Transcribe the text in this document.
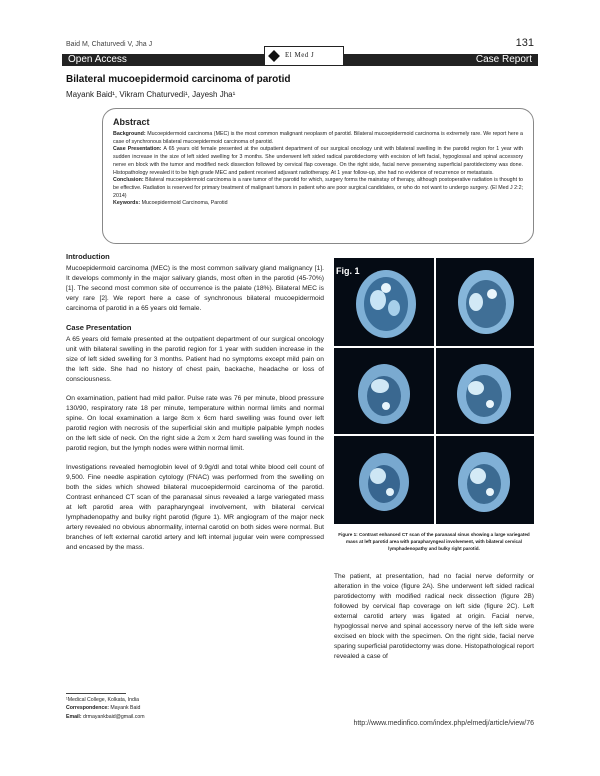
Baid M, Chaturvedi V, Jha J	131
Open Access	Case Report
El Med J
Bilateral mucoepidermoid carcinoma of parotid
Mayank Baid¹, Vikram Chaturvedi¹, Jayesh Jha¹
Abstract

Background: Mucoepidermoid carcinoma (MEC) is the most common malignant neoplasm of parotid. Bilateral mucoepidermoid carcinoma is extremely rare. We report here a case of synchronous bilateral mucoepidermoid carcinoma of parotid.

Case Presentation: A 65 years old female presented at the outpatient department of our surgical oncology unit with bilateral swelling in the parotid region for 1 year with sudden increase in the size of left sided swelling for 3 months. She underwent left sided radical parotidectomy with excision of left facial, hypoglossal and spinal accessory nerve en block with the tumor and modified neck dissection followed by cervical flap coverage. On the right side, facial nerve preserving superficial parotidectomy was done. Histopathology revealed it to be high grade MEC and patient received adjuvant radiotherapy. At 1 year follow-up, she had no evidence of recurrence or metastasis.

Conclusion: Bilateral mucoepidermoid carcinoma is a rare tumor of the parotid for which, surgery forms the mainstay of therapy, although postoperative radiation is thought to be effective. Radiation is reserved for primary treatment of malignant tumors in patient who are poor surgical candidates, or who do not want to undergo surgery. (El Med J 2:2; 2014)

Keywords: Mucoepidermoid Carcinoma, Parotid

Introduction

Mucoepidermoid carcinoma (MEC) is the most common salivary gland malignancy [1]. It develops commonly in the major salivary glands, most often in the parotid (45-70%) [1]. The second most common site of occurrence is the palate (18%). Bilateral MEC is very rare [2]. We report here a case of synchronous bilateral mucoepidermoid carcinoma of parotid in a 65 years old female.

Case Presentation

A 65 years old female presented at the outpatient department of our surgical oncology unit with bilateral swelling in the parotid region for 1 year with sudden increase in the size of left sided swelling for 3 months. Patient had no symptoms except mild pain on the left side. She had no history of chest pain, backache, headache or loss of consciousness.

On examination, patient had mild pallor. Pulse rate was 76 per minute, blood pressure 130/90, respiratory rate 18 per minute, temperature within normal limits and normal spine. On local examination a large 8cm x 6cm hard swelling was found over left parotid region with necrosis of the superficial skin and multiple palpable lymph nodes on the left side of neck. On the right side a 2cm x 2cm hard swelling was found in the parotid region, but the lymph nodes were within normal limit.

Investigations revealed hemoglobin level of 9.9g/dl and total white blood cell count of 9,500. Fine needle aspiration cytology (FNAC) was performed from the swelling on both the sides which showed bilateral mucoepidermoid carcinoma of the parotid. Contrast enhanced CT scan of the paranasal sinus revealed a large variegated mass at left parotid area with parapharyngeal involvement, with bilateral cervical lymphadenopathy and bulky right parotid (figure 1). MR angiogram of the major neck artery revealed no obvious abnormality, internal carotid on both sides were normal. But branches of left external carotid artery and left internal jugular vein were compressed and encased by the mass.

Fig. 1
Figure 1: Contrast enhanced CT scan of the paranasal sinus showing a large variegated mass at left parotid area with parapharyngeal involvement, with bilateral cervical lymphadenopathy and bulky right parotid.

The patient, at presentation, had no facial nerve deformity or alteration in the voice (figure 2A). She underwent left sided radical parotidectomy with modified radical neck dissection (figure 2B) followed by cervical flap coverage on left side (figure 2C). Left external carotid artery was ligated at origin. Facial nerve, hypoglossal nerve and spinal accessory nerve of the left side were excised en block with the specimen. On the right side, facial nerve sparing superficial parotidectomy was done. Histopathological report revealed a case of

¹Medical College, Kolkata, India
Correspondence: Mayank Baid
Email: drmayankbaid@gmail.com
http://www.medinfico.com/index.php/elmedj/article/view/76
